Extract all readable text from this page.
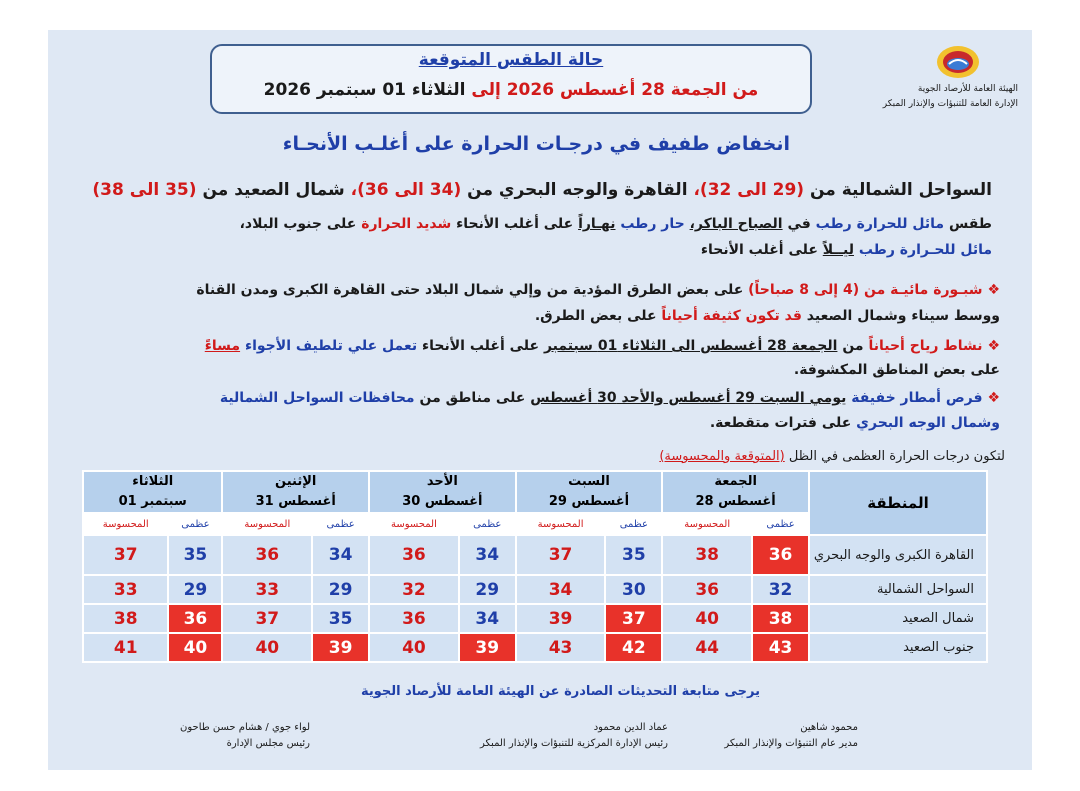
الهيئة العامة للأرصاد الجوية
الإدارة العامة للتنبؤات والإنذار المبكر
حالة الطقس المتوقعة
من الجمعة 28 أغسطس 2026 إلى الثلاثاء 01 سبتمبر 2026
انخفاض طفيف في درجـات الحرارة على أغلـب الأنحـاء
السواحل الشمالية من (29 الى 32)، القاهرة والوجه البحري من (34 الى 36)، شمال الصعيد من (35 الى 38)
طقس مائل للحرارة رطب في الصباح الباكر، حار رطب نهـاراً على أغلب الأنحاء شديد الحرارة على جنوب البلاد،
مائل للحـرارة رطب ليــلاً على أغلب الأنحاء
❖ شبـورة مائيـة من (4 إلى 8 صباحاً) على بعض الطرق المؤدية من وإلي شمال البلاد حتى القاهرة الكبرى ومدن القناة
ووسط سيناء وشمال الصعيد قد تكون كثيفة أحياناً على بعض الطرق.
❖ نشاط رياح أحياناً من الجمعة 28 أغسطس الى الثلاثاء 01 سبتمبر على أغلب الأنحاء تعمل علي تلطيف الأجواء مساءً
على بعض المناطق المكشوفة.
❖ فرص أمطار خفيفة يومي السبت 29 أغسطس والأحد 30 أغسطس على مناطق من محافظات السواحل الشمالية
وشمال الوجه البحري على فترات متقطعة.
لتكون درجات الحرارة العظمى في الظل (المتوقعة والمحسوسة)
الثلاثاء
01 سبتمبر		الإثنين
31 أغسطس		الأحد
30 أغسطس		السبت
29 أغسطس		الجمعة
28 أغسطس		المنطقة
المحسوسة	عظمى	المحسوسة	عظمى	المحسوسة	عظمى	المحسوسة	عظمى	المحسوسة	عظمى	
37	35	36	34	36	34	37	35	38	36	القاهرة الكبرى والوجه البحري
33	29	33	29	32	29	34	30	36	32	السواحل الشمالية
38	36	37	35	36	34	39	37	40	38	شمال الصعيد
41	40	40	39	40	39	43	42	44	43	جنوب الصعيد
يرجى متابعة التحديثات الصادرة عن الهيئة العامة للأرصاد الجوية
محمود شاهين
مدير عام التنبؤات والإنذار المبكر
عماد الدين محمود
رئيس الإدارة المركزية للتنبؤات والإنذار المبكر
لواء جوي / هشام حسن طاحون
رئيس مجلس الإدارة
